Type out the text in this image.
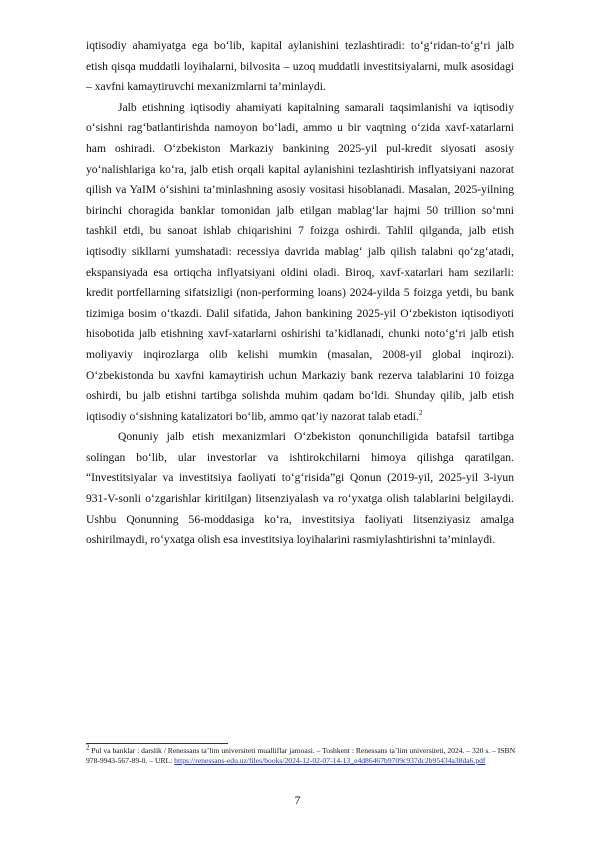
iqtisodiy ahamiyatga ega bo‘lib, kapital aylanishini tezlashtiradi: to‘g‘ridan-to‘g‘ri jalb etish qisqa muddatli loyihalarni, bilvosita – uzoq muddatli investitsiyalarni, mulk asosidagi – xavfni kamaytiruvchi mexanizmlarni ta’minlaydi.

Jalb etishning iqtisodiy ahamiyati kapitalning samarali taqsimlanishi va iqtisodiy o‘sishni rag‘batlantirishda namoyon bo‘ladi, ammo u bir vaqtning o‘zida xavf-xatarlarni ham oshiradi. O‘zbekiston Markaziy bankining 2025-yil pul-kredit siyosati asosiy yo‘nalishlariga ko‘ra, jalb etish orqali kapital aylanishini tezlashtirish inflyatsiyani nazorat qilish va YaIM o‘sishini ta’minlashning asosiy vositasi hisoblanadi. Masalan, 2025-yilning birinchi choragida banklar tomonidan jalb etilgan mablag‘lar hajmi 50 trillion so‘mni tashkil etdi, bu sanoat ishlab chiqarishini 7 foizga oshirdi. Tahlil qilganda, jalb etish iqtisodiy sikllarni yumshatadi: recessiya davrida mablag‘ jalb qilish talabni qo‘zg‘atadi, ekspansiyada esa ortiqcha inflyatsiyani oldini oladi. Biroq, xavf-xatarlari ham sezilarli: kredit portfellarning sifatsizligi (non-performing loans) 2024-yilda 5 foizga yetdi, bu bank tizimiga bosim o‘tkazdi. Dalil sifatida, Jahon bankining 2025-yil O‘zbekiston iqtisodiyoti hisobotida jalb etishning xavf-xatarlarni oshirishi ta’kidlanadi, chunki noto‘g‘ri jalb etish moliyaviy inqirozlarga olib kelishi mumkin (masalan, 2008-yil global inqirozi). O‘zbekistonda bu xavfni kamaytirish uchun Markaziy bank rezerva talablarini 10 foizga oshirdi, bu jalb etishni tartibga solishda muhim qadam bo‘ldi. Shunday qilib, jalb etish iqtisodiy o‘sishning katalizatori bo‘lib, ammo qat’iy nazorat talab etadi.$^2$

Qonuniy jalb etish mexanizmlari O‘zbekiston qonunchiligida batafsil tartibga solingan bo‘lib, ular investorlar va ishtirokchilarni himoya qilishga qaratilgan. “Investitsiyalar va investitsiya faoliyati to‘g‘risida”gi Qonun (2019-yil, 2025-yil 3-iyun 931-V-sonli o‘zgarishlar kiritilgan) litsenziyalash va ro‘yxatga olish talablarini belgilaydi. Ushbu Qonunning 56-moddasiga ko‘ra, investitsiya faoliyati litsenziyasiz amalga oshirilmaydi, ro‘yxatga olish esa investitsiya loyihalarini rasmiylashtirishni ta’minlaydi.

$^2$ Pul va banklar : darslik / Renessans ta’lim universiteti mualliflar jamoasi. – Toshkent : Renessans ta’lim universiteti, 2024. – 320 s. – ISBN 978-9943-567-89-0. – URL: https://renessans-edu.uz/files/books/2024-12-02-07-14-13_e4d86467b9709c937dc2b95434a38da6.pdf
7
